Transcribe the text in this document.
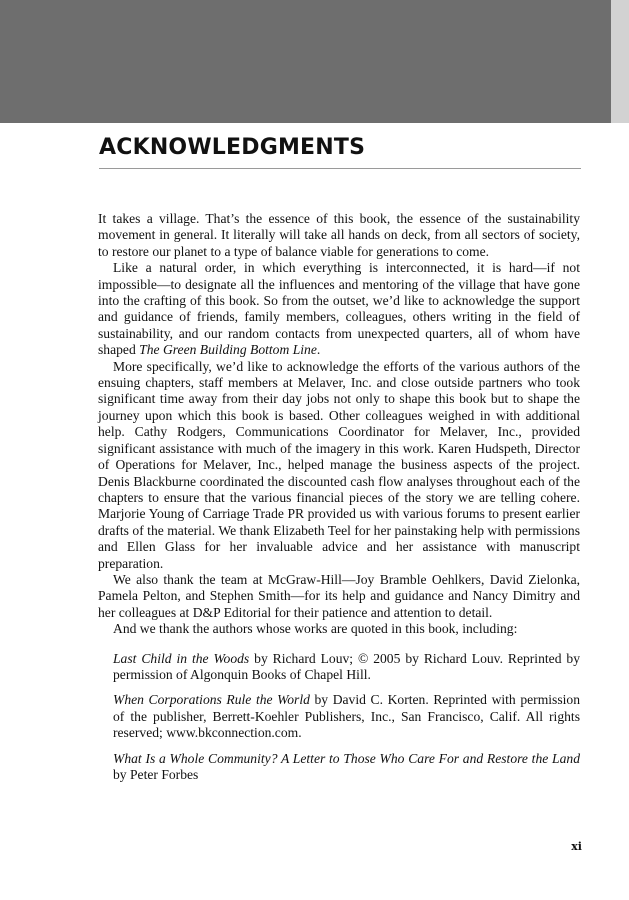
ACKNOWLEDGMENTS

It takes a village. That’s the essence of this book, the essence of the sustainability movement in general. It literally will take all hands on deck, from all sectors of society, to restore our planet to a type of balance viable for generations to come.

Like a natural order, in which everything is interconnected, it is hard—if not impossible—to designate all the influences and mentoring of the village that have gone into the crafting of this book. So from the outset, we’d like to acknowledge the support and guidance of friends, family members, colleagues, others writing in the field of sustainability, and our random contacts from unexpected quarters, all of whom have shaped The Green Building Bottom Line.

More specifically, we’d like to acknowledge the efforts of the various authors of the ensuing chapters, staff members at Melaver, Inc. and close outside partners who took significant time away from their day jobs not only to shape this book but to shape the journey upon which this book is based. Other colleagues weighed in with additional help. Cathy Rodgers, Communications Coordinator for Melaver, Inc., provided significant assistance with much of the imagery in this work. Karen Hudspeth, Director of Operations for Melaver, Inc., helped manage the business aspects of the project. Denis Blackburne coordinated the discounted cash flow analyses throughout each of the chapters to ensure that the various financial pieces of the story we are telling cohere. Marjorie Young of Carriage Trade PR provided us with various forums to present earlier drafts of the material. We thank Elizabeth Teel for her painstaking help with permissions and Ellen Glass for her invaluable advice and her assistance with manuscript preparation.

We also thank the team at McGraw-Hill—Joy Bramble Oehlkers, David Zielonka, Pamela Pelton, and Stephen Smith—for its help and guidance and Nancy Dimitry and her colleagues at D&P Editorial for their patience and attention to detail.

And we thank the authors whose works are quoted in this book, including:

Last Child in the Woods by Richard Louv; © 2005 by Richard Louv. Reprinted by permission of Algonquin Books of Chapel Hill.

When Corporations Rule the World by David C. Korten. Reprinted with permission of the publisher, Berrett-Koehler Publishers, Inc., San Francisco, Calif. All rights reserved; www.bkconnection.com.

What Is a Whole Community? A Letter to Those Who Care For and Restore the Land by Peter Forbes

xi
